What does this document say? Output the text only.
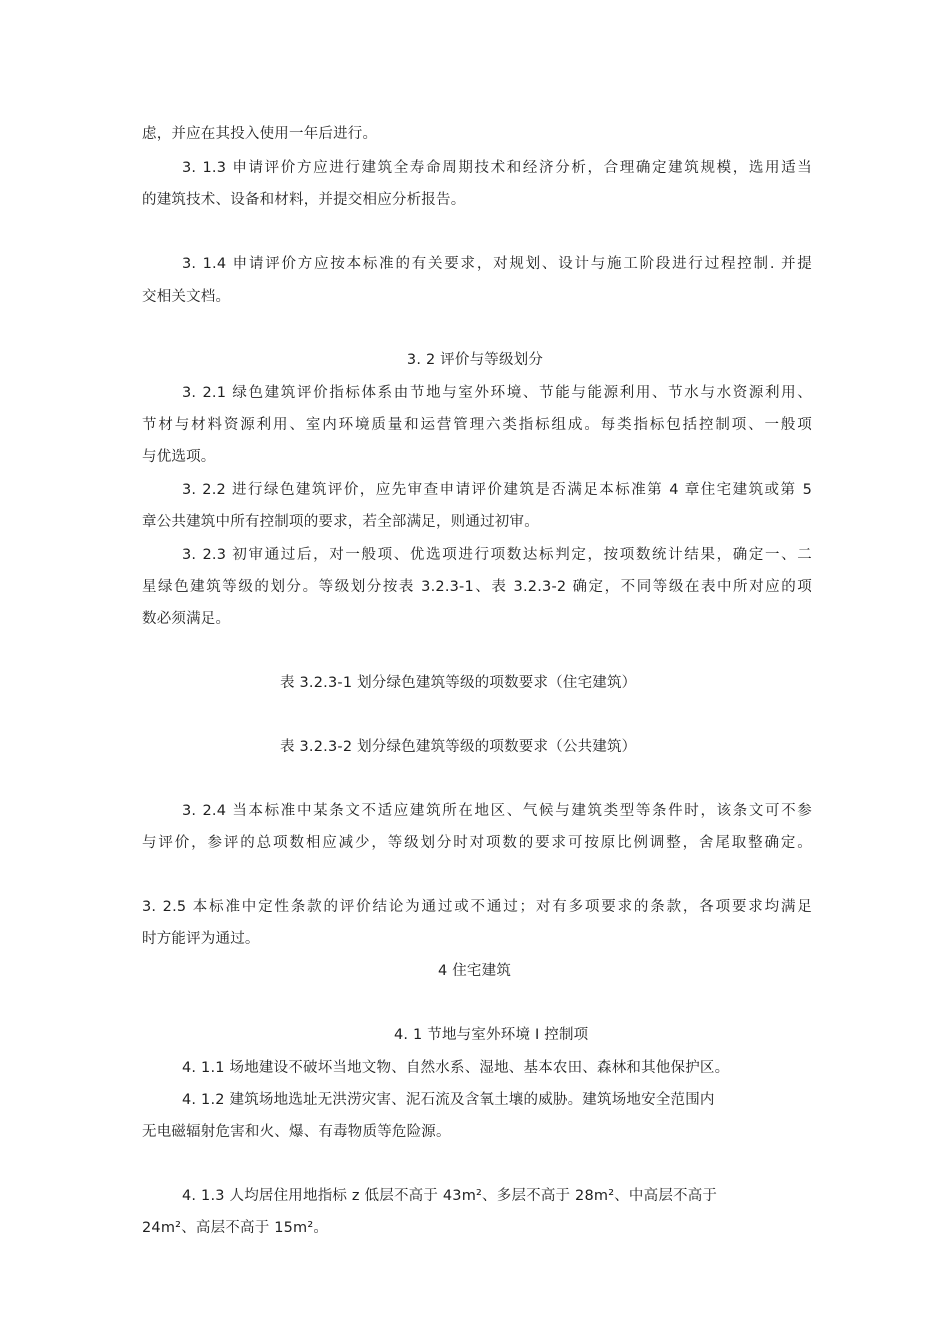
虑，并应在其投入使用一年后进行。
3. 1.3 申请评价方应进行建筑全寿命周期技术和经济分析，合理确定建筑规模，选用适当
的建筑技术、设备和材料，并提交相应分析报告。
3. 1.4 申请评价方应按本标准的有关要求，对规划、设计与施工阶段进行过程控制. 并提
交相关文档。
3. 2 评价与等级划分
3. 2.1 绿色建筑评价指标体系由节地与室外环境、节能与能源利用、节水与水资源利用、
节材与材料资源利用、室内环境质量和运营管理六类指标组成。每类指标包括控制项、一般项
与优选项。
3. 2.2 进行绿色建筑评价，应先审查申请评价建筑是否满足本标准第 4 章住宅建筑或第 5
章公共建筑中所有控制项的要求，若全部满足，则通过初审。
3. 2.3 初审通过后，对一般项、优选项进行项数达标判定，按项数统计结果，确定一、二
星绿色建筑等级的划分。等级划分按表 3.2.3-1、表 3.2.3-2 确定，不同等级在表中所对应的项
数必须满足。
表 3.2.3-1 划分绿色建筑等级的项数要求（住宅建筑）
表 3.2.3-2 划分绿色建筑等级的项数要求（公共建筑）
3. 2.4 当本标准中某条文不适应建筑所在地区、气候与建筑类型等条件时，该条文可不参
与评价，参评的总项数相应减少，等级划分时对项数的要求可按原比例调整，舍尾取整确定。
3. 2.5 本标准中定性条款的评价结论为通过或不通过；对有多项要求的条款，各项要求均满足
时方能评为通过。
4 住宅建筑
4. 1 节地与室外环境 I 控制项
4. 1.1 场地建设不破坏当地文物、自然水系、湿地、基本农田、森林和其他保护区。
4. 1.2 建筑场地选址无洪涝灾害、泥石流及含氧土壤的威胁。建筑场地安全范围内
无电磁辐射危害和火、爆、有毒物质等危险源。
4. 1.3 人均居住用地指标 z 低层不高于 43m²、多层不高于 28m²、中高层不高于
24m²、高层不高于 15m²。
